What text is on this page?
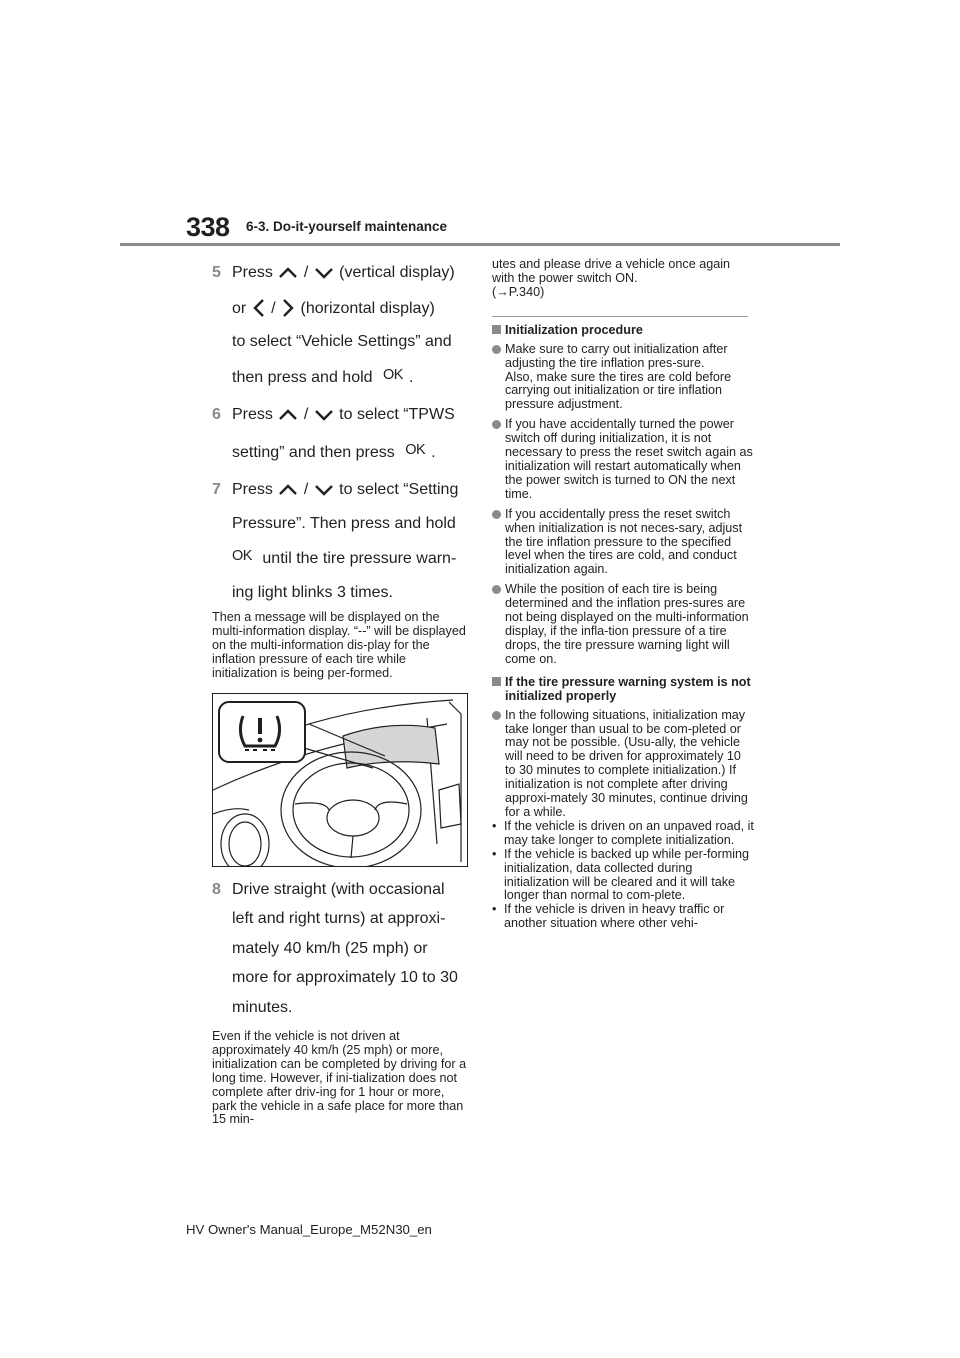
338 6-3. Do-it-yourself maintenance
5 Press / (vertical display)
or / (horizontal display)
to select “Vehicle Settings” and
then press and hold OK .
6 Press / to select “TPWS
setting” and then press OK .
7 Press / to select “Setting
Pressure”. Then press and hold
OK until the tire pressure warn-
ing light blinks 3 times.
Then a message will be displayed on the multi-information display. “--” will be displayed on the multi-information dis-play for the inflation pressure of each tire while initialization is being per-formed.
8 Drive straight (with occasional left and right turns) at approxi-mately 40 km/h (25 mph) or more for approximately 10 to 30 minutes.
Even if the vehicle is not driven at approximately 40 km/h (25 mph) or more, initialization can be completed by driving for a long time. However, if ini-tialization does not complete after driv-ing for 1 hour or more, park the vehicle in a safe place for more than 15 min-
utes and please drive a vehicle once again with the power switch ON.
(→P.340)
Initialization procedure
Make sure to carry out initialization after adjusting the tire inflation pres-sure.
Also, make sure the tires are cold before carrying out initialization or tire inflation pressure adjustment.
If you have accidentally turned the power switch off during initialization, it is not necessary to press the reset switch again as initialization will restart automatically when the power switch is turned to ON the next time.
If you accidentally press the reset switch when initialization is not neces-sary, adjust the tire inflation pressure to the specified level when the tires are cold, and conduct initialization again.
While the position of each tire is being determined and the inflation pres-sures are not being displayed on the multi-information display, if the infla-tion pressure of a tire drops, the tire pressure warning light will come on.
If the tire pressure warning system is not initialized properly
In the following situations, initialization may take longer than usual to be com-pleted or may not be possible. (Usu-ally, the vehicle will need to be driven for approximately 10 to 30 minutes to complete initialization.) If initialization is not complete after driving approxi-mately 30 minutes, continue driving for a while.
• If the vehicle is driven on an unpaved road, it may take longer to complete initialization.
• If the vehicle is backed up while per-forming initialization, data collected during initialization will be cleared and it will take longer than normal to com-plete.
• If the vehicle is driven in heavy traffic or another situation where other vehi-
HV Owner's Manual_Europe_M52N30_en
